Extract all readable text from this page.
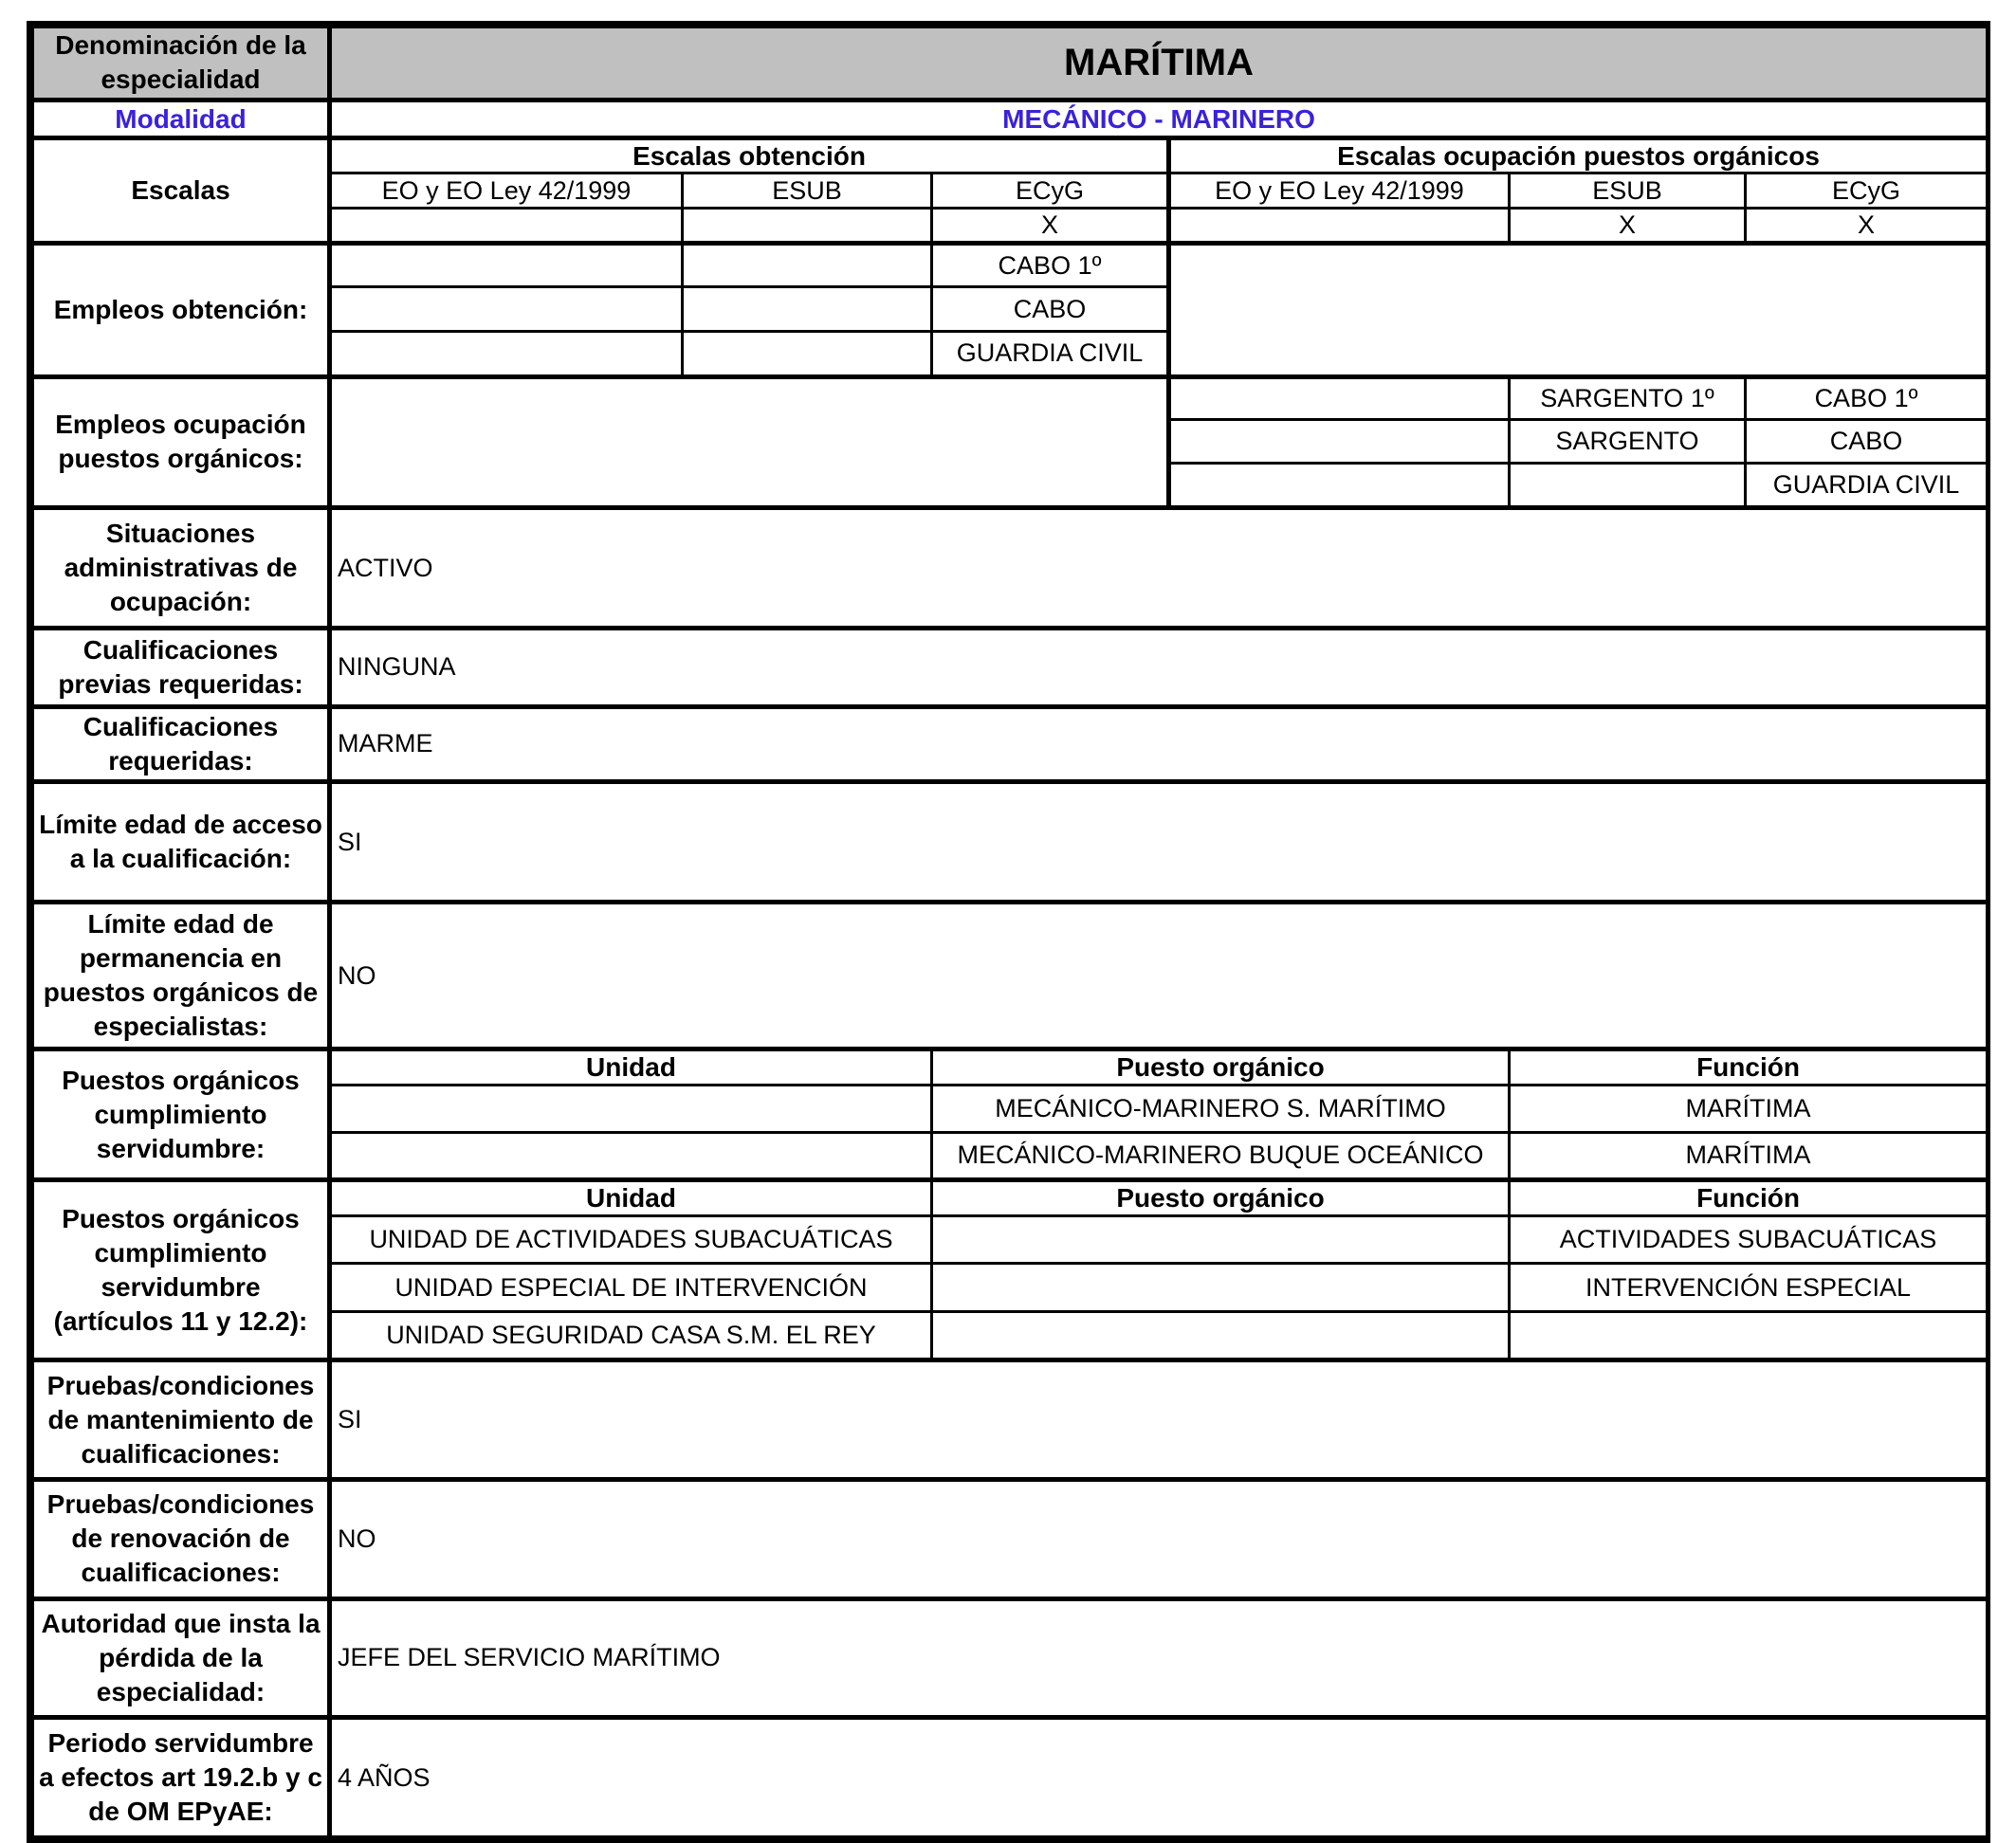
Denominación de la especialidad	MARÍTIMA					
Modalidad	MECÁNICO - MARINERO					
Escalas	Escalas obtención			Escalas ocupación puestos orgánicos		
	EO y EO Ley 42/1999	ESUB	ECyG	EO y EO Ley 42/1999	ESUB	ECyG
			X		X	X
Empleos obtención:			CABO 1º			
			CABO			
			GUARDIA CIVIL			
Empleos ocupación puestos orgánicos:					SARGENTO 1º	CABO 1º
					SARGENTO	CABO
						GUARDIA CIVIL
Situaciones administrativas de ocupación:	ACTIVO					
Cualificaciones previas requeridas:	NINGUNA					
Cualificaciones requeridas:	MARME					
Límite edad de acceso a la cualificación:	SI					
Límite edad de permanencia en puestos orgánicos de especialistas:	NO					
Puestos orgánicos cumplimiento servidumbre:	Unidad		Puesto orgánico		Función	
			MECÁNICO-MARINERO S. MARÍTIMO		MARÍTIMA	
			MECÁNICO-MARINERO BUQUE OCEÁNICO		MARÍTIMA	
Puestos orgánicos cumplimiento servidumbre (artículos 11 y 12.2):	Unidad		Puesto orgánico		Función	
	UNIDAD DE ACTIVIDADES SUBACUÁTICAS				ACTIVIDADES SUBACUÁTICAS	
	UNIDAD ESPECIAL DE INTERVENCIÓN				INTERVENCIÓN ESPECIAL	
	UNIDAD SEGURIDAD CASA S.M. EL REY					
Pruebas/condiciones de mantenimiento de cualificaciones:	SI					
Pruebas/condiciones de renovación de cualificaciones:	NO					
Autoridad que insta la pérdida de la especialidad:	JEFE DEL SERVICIO MARÍTIMO					
Periodo servidumbre a efectos art 19.2.b y c de OM EPyAE:	4 AÑOS					
